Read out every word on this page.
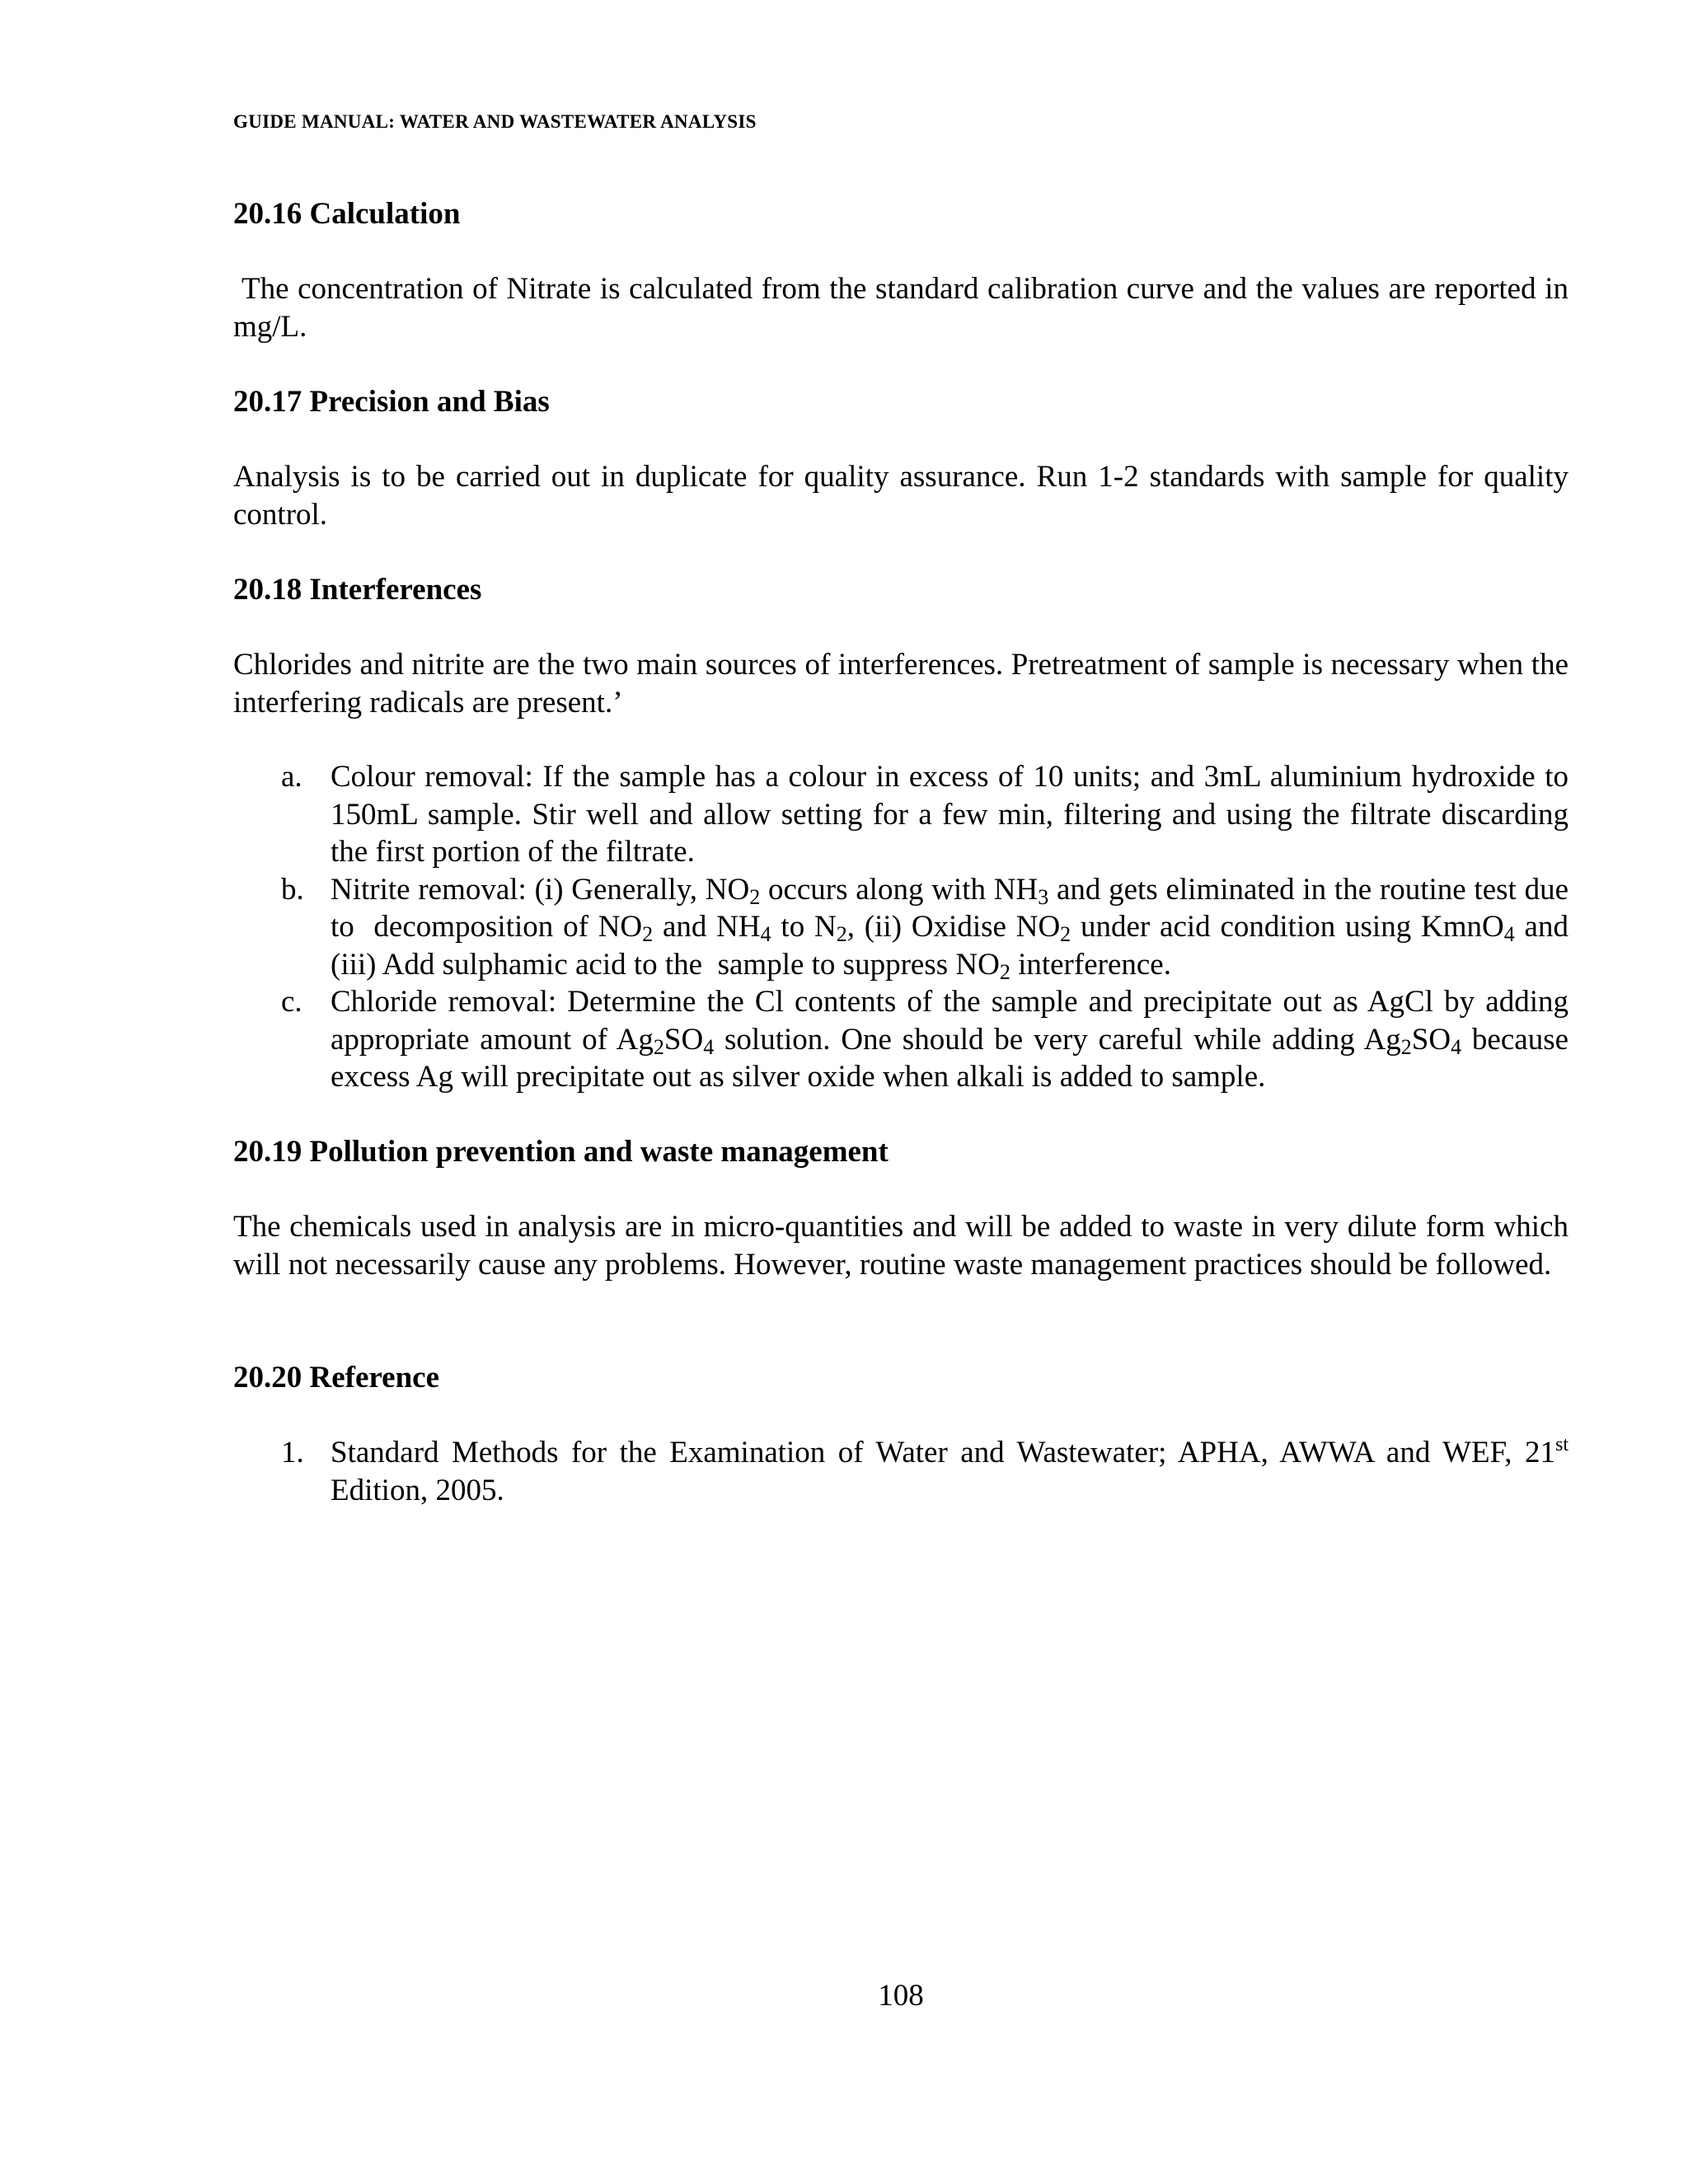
GUIDE MANUAL: WATER AND WASTEWATER ANALYSIS
20.16 Calculation
The concentration of Nitrate is calculated from the standard calibration curve and the values are reported in mg/L.
20.17 Precision and Bias
Analysis is to be carried out in duplicate for quality assurance. Run 1-2 standards with sample for quality control.
20.18 Interferences
Chlorides and nitrite are the two main sources of interferences. Pretreatment of sample is necessary when the interfering radicals are present.’
a. Colour removal: If the sample has a colour in excess of 10 units; and 3mL aluminium hydroxide to 150mL sample. Stir well and allow setting for a few min, filtering and using the filtrate discarding the first portion of the filtrate.
b. Nitrite removal: (i) Generally, $NO_2$ occurs along with $NH_3$ and gets eliminated in the routine test due to  decomposition of $NO_2$ and $NH_4$ to $N_2$, (ii) Oxidise $NO_2$ under acid condition using KmnO$_4$ and (iii) Add sulphamic acid to the  sample to suppress $NO_2$ interference.
c. Chloride removal: Determine the Cl contents of the sample and precipitate out as AgCl by adding appropriate amount of $Ag_2SO_4$ solution. One should be very careful while adding $Ag_2SO_4$ because excess Ag will precipitate out as silver oxide when alkali is added to sample.
20.19 Pollution prevention and waste management
The chemicals used in analysis are in micro-quantities and will be added to waste in very dilute form which will not necessarily cause any problems. However, routine waste management practices should be followed.
20.20 Reference
1. Standard Methods for the Examination of Water and Wastewater; APHA, AWWA and WEF, 21st Edition, 2005.
108
